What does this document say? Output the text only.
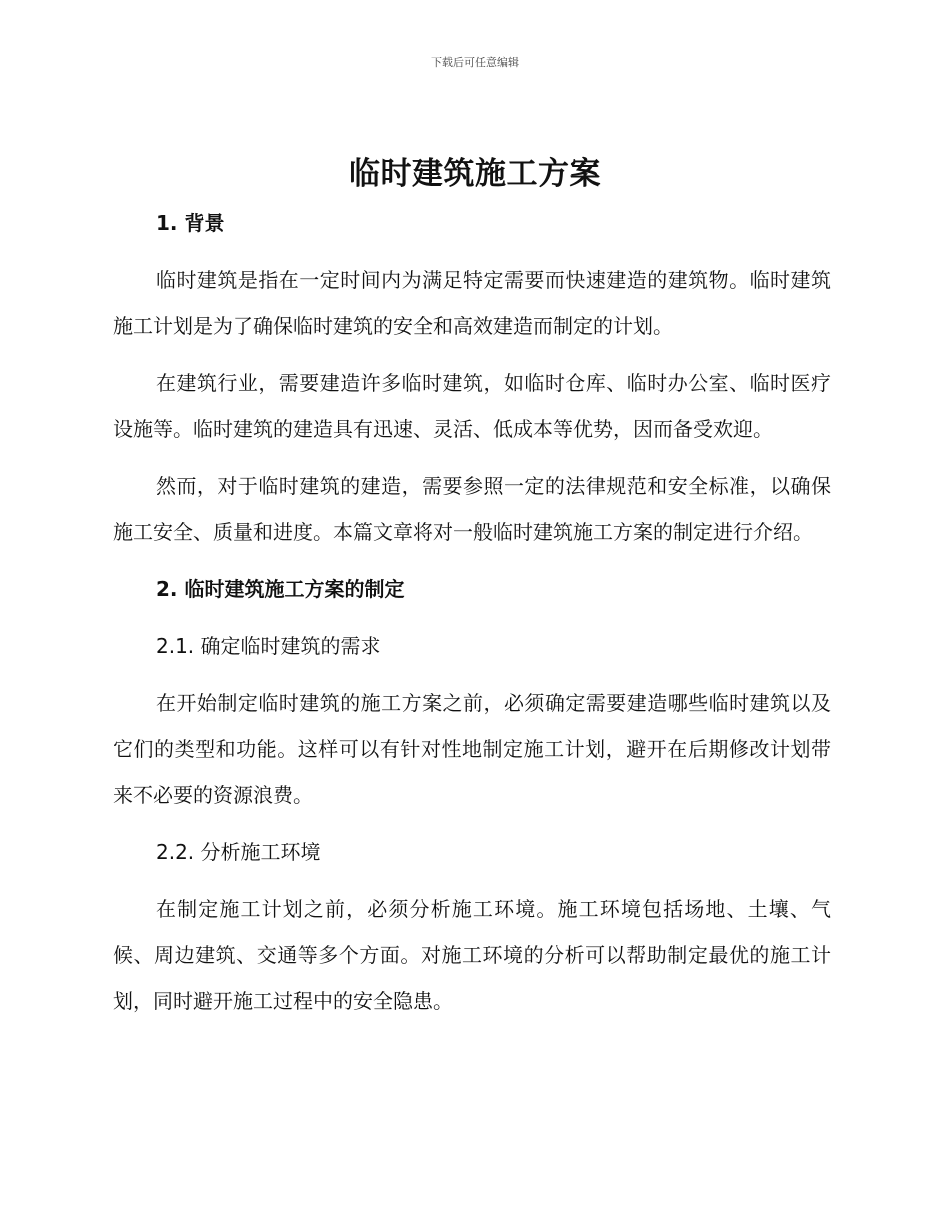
下载后可任意编辑
临时建筑施工方案
1. 背景

临时建筑是指在一定时间内为满足特定需要而快速建造的建筑物。临时建筑施工计划是为了确保临时建筑的安全和高效建造而制定的计划。

在建筑行业，需要建造许多临时建筑，如临时仓库、临时办公室、临时医疗设施等。临时建筑的建造具有迅速、灵活、低成本等优势，因而备受欢迎。

然而，对于临时建筑的建造，需要参照一定的法律规范和安全标准，以确保施工安全、质量和进度。本篇文章将对一般临时建筑施工方案的制定进行介绍。

2. 临时建筑施工方案的制定
2.1. 确定临时建筑的需求

在开始制定临时建筑的施工方案之前，必须确定需要建造哪些临时建筑以及它们的类型和功能。这样可以有针对性地制定施工计划，避开在后期修改计划带来不必要的资源浪费。

2.2. 分析施工环境

在制定施工计划之前，必须分析施工环境。施工环境包括场地、土壤、气候、周边建筑、交通等多个方面。对施工环境的分析可以帮助制定最优的施工计划，同时避开施工过程中的安全隐患。
